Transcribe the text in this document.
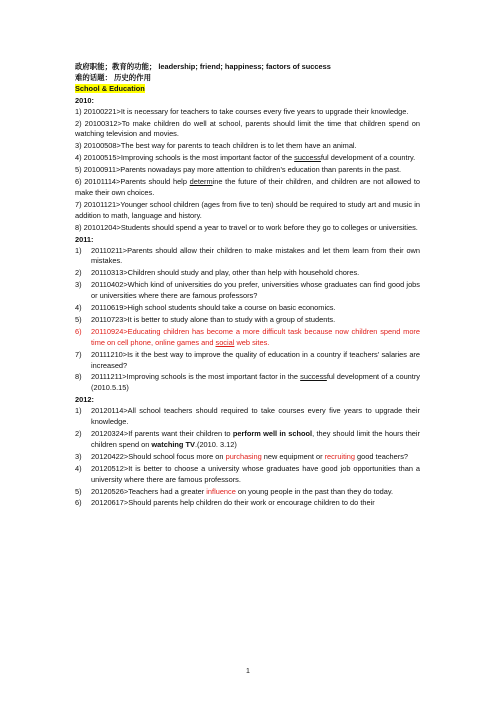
政府职能；教育的功能； leadership; friend; happiness; factors of success
难的话题： 历史的作用
School & Education
2010:
1) 20100221>It is necessary for teachers to take courses every five years to upgrade their knowledge.
2) 20100312>To make children do well at school, parents should limit the time that children spend on watching television and movies.
3) 20100508>The best way for parents to teach children is to let them have an animal.
4) 20100515>Improving schools is the most important factor of the successful development of a country.
5) 20100911>Parents nowadays pay more attention to children's education than parents in the past.
6) 20101114>Parents should help determine the future of their children, and children are not allowed to make their own choices.
7) 20101121>Younger school children (ages from five to ten) should be required to study art and music in addition to math, language and history.
8) 20101204>Students should spend a year to travel or to work before they go to colleges or universities.
2011:
1)	20110211>Parents should allow their children to make mistakes and let them learn from their own mistakes.
2)	20110313>Children should study and play, other than help with household chores.
3)	20110402>Which kind of universities do you prefer, universities whose graduates can find good jobs or universities where there are famous professors?
4)	20110619>High school students should take a course on basic economics.
5)	20110723>It is better to study alone than to study with a group of students.
6)	20110924>Educating children has become a more difficult task because now children spend more time on cell phone, online games and social web sites.
7)	20111210>Is it the best way to improve the quality of education in a country if teachers' salaries are increased?
8)	20111211>Improving schools is the most important factor in the successful development of a country (2010.5.15)
2012:
1)	20120114>All school teachers should required to take courses every five years to upgrade their knowledge.
2)	20120324>If parents want their children to perform well in school, they should limit the hours their children spend on watching TV.(2010. 3.12)
3)	20120422>Should school focus more on purchasing new equipment or recruiting good teachers?
4)	20120512>It is better to choose a university whose graduates have good job opportunities than a university where there are famous professors.
5)	20120526>Teachers had a greater influence on young people in the past than they do today.
6)	20120617>Should parents help children do their work or encourage children to do their
1
